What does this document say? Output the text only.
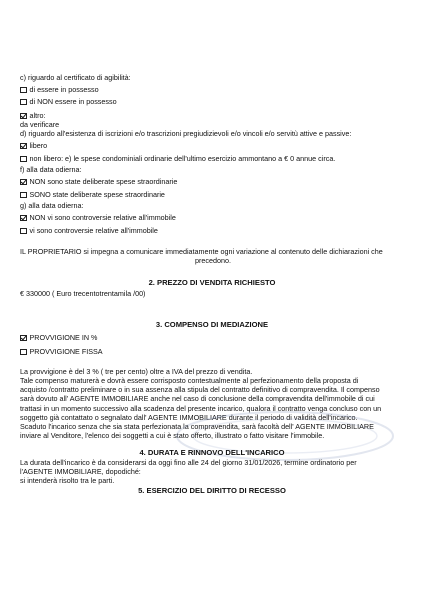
c) riguardo al certificato di agibilità:
di essere in possesso
di NON essere in possesso
altro:
da verificare
d) riguardo all'esistenza di iscrizioni e/o trascrizioni pregiudizievoli e/o vincoli e/o servitù attive e passive:
libero
non libero: e) le spese condominiali ordinarie dell'ultimo esercizio ammontano a € 0 annue circa.
f) alla data odierna:
NON sono state deliberate spese straordinarie
SONO state deliberate spese straordinarie
g) alla data odierna:
NON vi sono controversie relative all'immobile
vi sono controversie relative all'immobile
IL PROPRIETARIO si impegna a comunicare immediatamente ogni variazione al contenuto delle dichiarazioni che
precedono.
2. PREZZO DI VENDITA RICHIESTO
€ 330000 ( Euro trecentotrentamila /00)
3. COMPENSO DI MEDIAZIONE
PROVVIGIONE IN %
PROVVIGIONE FISSA
La provvigione è del 3 % ( tre per cento) oltre a IVA del prezzo di vendita.
Tale compenso maturerà e dovrà essere corrisposto contestualmente al perfezionamento della proposta di
acquisto /contratto preliminare o in sua assenza alla stipula del contratto definitivo di compravendita. Il compenso
sarà dovuto all' AGENTE IMMOBILIARE anche nel caso di conclusione della compravendita dell'immobile di cui
trattasi in un momento successivo alla scadenza del presente incarico, qualora il contratto venga concluso con un
soggetto già contattato o segnalato dall' AGENTE IMMOBILIARE durante il periodo di validità dell'incarico.
Scaduto l'incarico senza che sia stata perfezionata la compravendita, sarà facoltà dell' AGENTE IMMOBILIARE
inviare al Venditore, l'elenco dei soggetti a cui è stato offerto, illustrato o fatto visitare l'immobile.
4. DURATA E RINNOVO DELL'INCARICO
La durata dell'incarico è da considerarsi da oggi fino alle 24 del giorno 31/01/2026, termine ordinatorio per
l'AGENTE IMMOBILIARE, dopodiché:
si intenderà risolto tra le parti.
5. ESERCIZIO DEL DIRITTO DI RECESSO
